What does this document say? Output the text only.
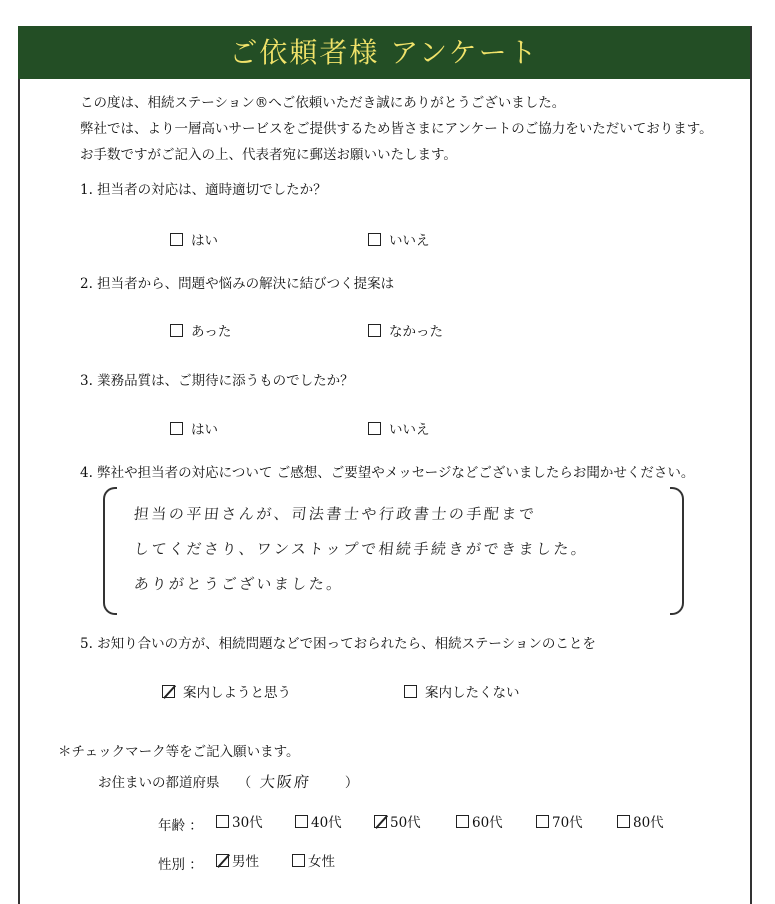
ご依頼者様 アンケート
この度は、相続ステーション®へご依頼いただき誠にありがとうございました。
弊社では、より一層高いサービスをご提供するため皆さまにアンケートのご協力をいただいております。
お手数ですがご記入の上、代表者宛に郵送お願いいたします。
1. 担当者の対応は、適時適切でしたか？
はい	いいえ
2. 担当者から、問題や悩みの解決に結びつく提案は
あった	なかった
3. 業務品質は、ご期待に添うものでしたか？
はい	いいえ
4. 弊社や担当者の対応について ご感想、ご要望やメッセージなどございましたらお聞かせください。
担当の平田さんが、司法書士や行政書士の手配まで
してくださり、ワンストップで相続手続きができました。
ありがとうございました。
5. お知り合いの方が、相続問題などで困っておられたら、相続ステーションのことを
案内しようと思う	案内したくない
＊チェックマーク等をご記入願います。
お住まいの都道府県 （ 大阪府 ）
年齢 ： 30代	40代	50代	60代	70代	80代
性別 ： 男性	女性
